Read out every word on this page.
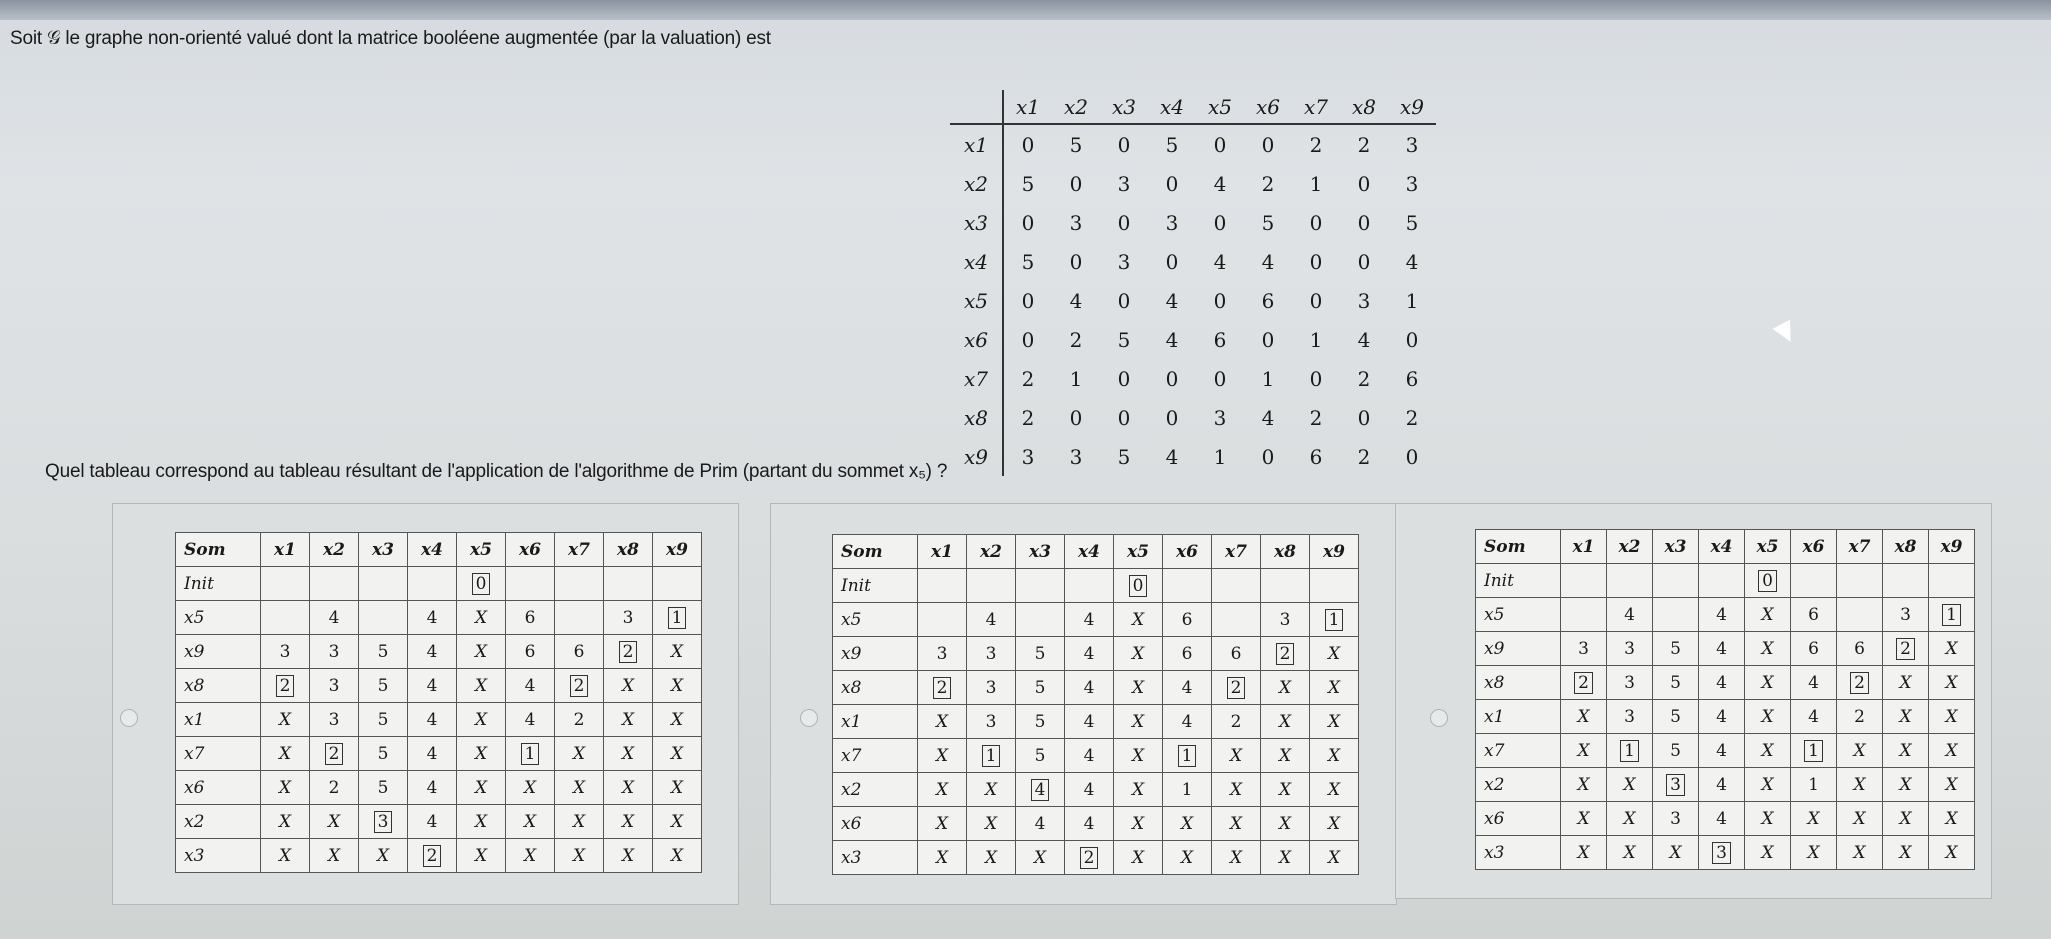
Soit 𝒢 le graphe non-orienté valué dont la matrice booléene augmentée (par la valuation) est
	x1	x2	x3	x4	x5	x6	x7	x8	x9
x1	0	5	0	5	0	0	2	2	3
x2	5	0	3	0	4	2	1	0	3
x3	0	3	0	3	0	5	0	0	5
x4	5	0	3	0	4	4	0	0	4
x5	0	4	0	4	0	6	0	3	1
x6	0	2	5	4	6	0	1	4	0
x7	2	1	0	0	0	1	0	2	6
x8	2	0	0	0	3	4	2	0	2
x9	3	3	5	4	1	0	6	2	0
Quel tableau correspond au tableau résultant de l'application de l'algorithme de Prim (partant du sommet x₅) ?
Som	x1	x2	x3	x4	x5	x6	x7	x8	x9
Init					0				
x5		4		4	X	6		3	1
x9	3	3	5	4	X	6	6	2	X
x8	2	3	5	4	X	4	2	X	X
x1	X	3	5	4	X	4	2	X	X
x7	X	2	5	4	X	1	X	X	X
x6	X	2	5	4	X	X	X	X	X
x2	X	X	3	4	X	X	X	X	X
x3	X	X	X	2	X	X	X	X	X
Som	x1	x2	x3	x4	x5	x6	x7	x8	x9
Init					0				
x5		4		4	X	6		3	1
x9	3	3	5	4	X	6	6	2	X
x8	2	3	5	4	X	4	2	X	X
x1	X	3	5	4	X	4	2	X	X
x7	X	1	5	4	X	1	X	X	X
x2	X	X	4	4	X	1	X	X	X
x6	X	X	4	4	X	X	X	X	X
x3	X	X	X	2	X	X	X	X	X
Som	x1	x2	x3	x4	x5	x6	x7	x8	x9
Init					0				
x5		4		4	X	6		3	1
x9	3	3	5	4	X	6	6	2	X
x8	2	3	5	4	X	4	2	X	X
x1	X	3	5	4	X	4	2	X	X
x7	X	1	5	4	X	1	X	X	X
x2	X	X	3	4	X	1	X	X	X
x6	X	X	3	4	X	X	X	X	X
x3	X	X	X	3	X	X	X	X	X
